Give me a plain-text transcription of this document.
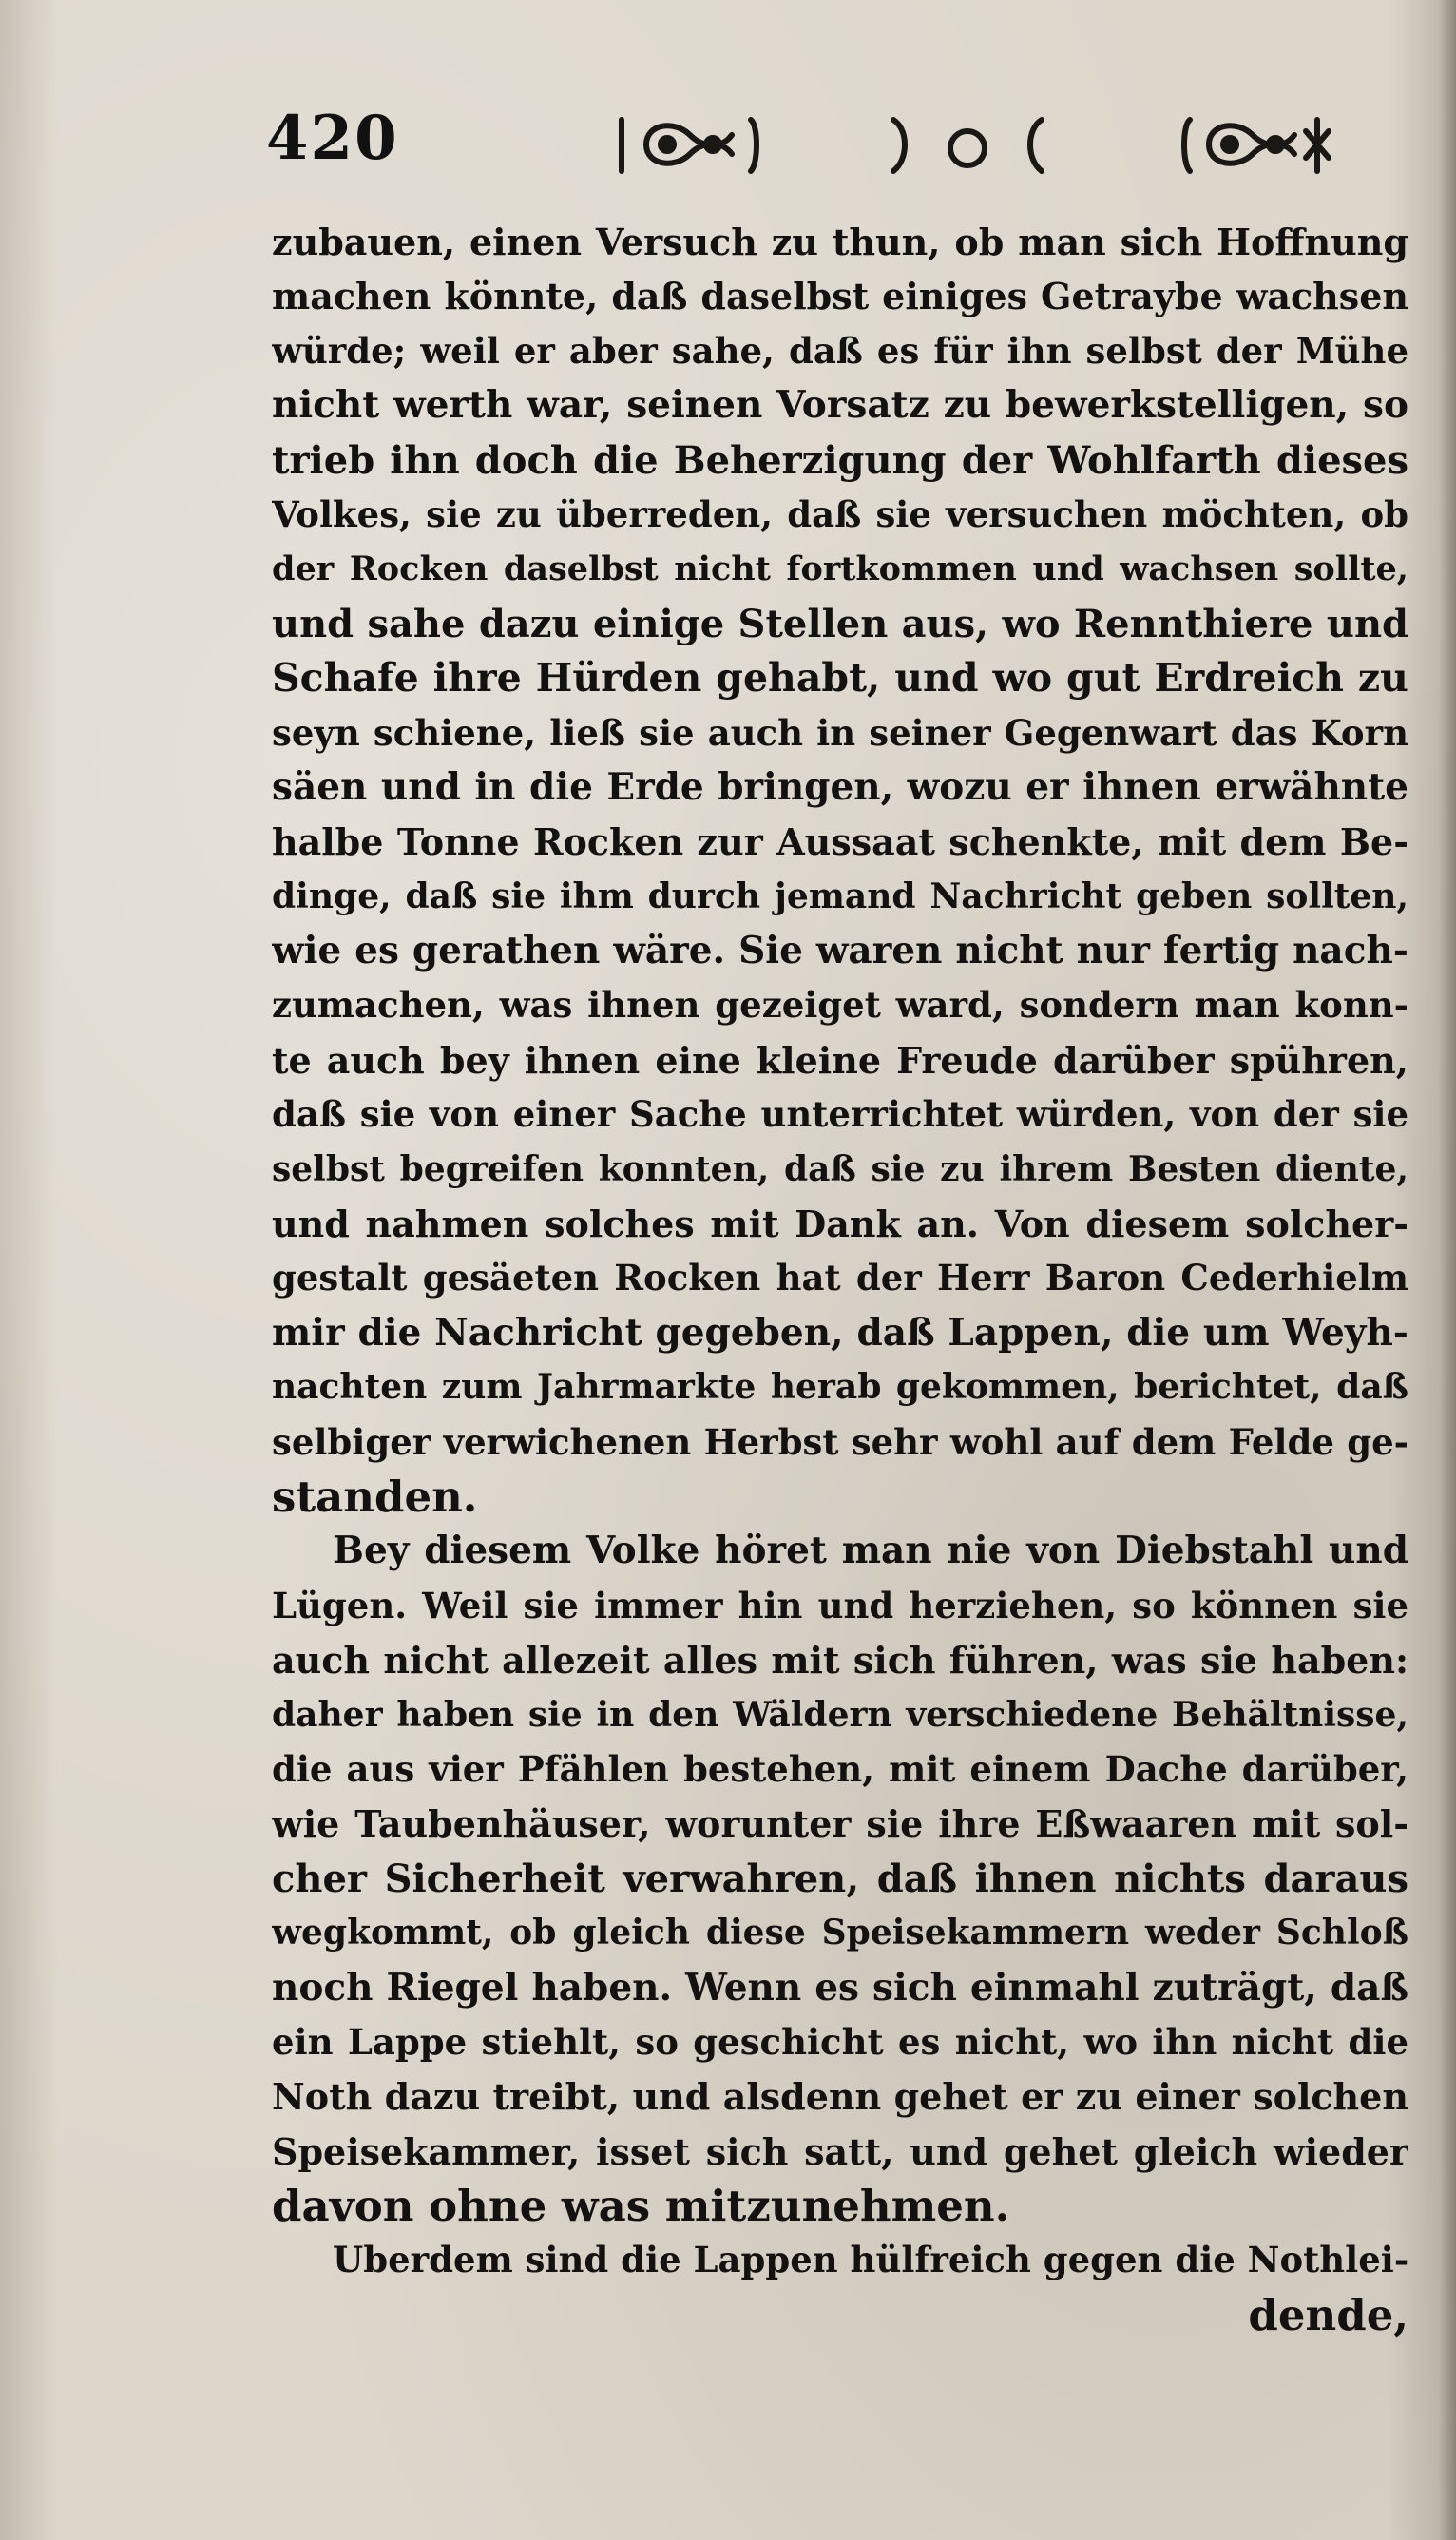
420
zubauen, einen Versuch zu thun, ob man sich Hoffnung
machen könnte, daß daselbst einiges Getraybe wachsen
würde; weil er aber sahe, daß es für ihn selbst der Mühe
nicht werth war, seinen Vorsatz zu bewerkstelligen, so
trieb ihn doch die Beherzigung der Wohlfarth dieses
Volkes, sie zu überreden, daß sie versuchen möchten, ob
der Rocken daselbst nicht fortkommen und wachsen sollte,
und sahe dazu einige Stellen aus, wo Rennthiere und
Schafe ihre Hürden gehabt, und wo gut Erdreich zu
seyn schiene, ließ sie auch in seiner Gegenwart das Korn
säen und in die Erde bringen, wozu er ihnen erwähnte
halbe Tonne Rocken zur Aussaat schenkte, mit dem Be-
dinge, daß sie ihm durch jemand Nachricht geben sollten,
wie es gerathen wäre. Sie waren nicht nur fertig nach-
zumachen, was ihnen gezeiget ward, sondern man konn-
te auch bey ihnen eine kleine Freude darüber spühren,
daß sie von einer Sache unterrichtet würden, von der sie
selbst begreifen konnten, daß sie zu ihrem Besten diente,
und nahmen solches mit Dank an. Von diesem solcher-
gestalt gesäeten Rocken hat der Herr Baron Cederhielm
mir die Nachricht gegeben, daß Lappen, die um Weyh-
nachten zum Jahrmarkte herab gekommen, berichtet, daß
selbiger verwichenen Herbst sehr wohl auf dem Felde ge-
standen.
Bey diesem Volke höret man nie von Diebstahl und
Lügen. Weil sie immer hin und herziehen, so können sie
auch nicht allezeit alles mit sich führen, was sie haben:
daher haben sie in den Wäldern verschiedene Behältnisse,
die aus vier Pfählen bestehen, mit einem Dache darüber,
wie Taubenhäuser, worunter sie ihre Eßwaaren mit sol-
cher Sicherheit verwahren, daß ihnen nichts daraus
wegkommt, ob gleich diese Speisekammern weder Schloß
noch Riegel haben. Wenn es sich einmahl zuträgt, daß
ein Lappe stiehlt, so geschicht es nicht, wo ihn nicht die
Noth dazu treibt, und alsdenn gehet er zu einer solchen
Speisekammer, isset sich satt, und gehet gleich wieder
davon ohne was mitzunehmen.
Uberdem sind die Lappen hülfreich gegen die Nothlei-
dende,
